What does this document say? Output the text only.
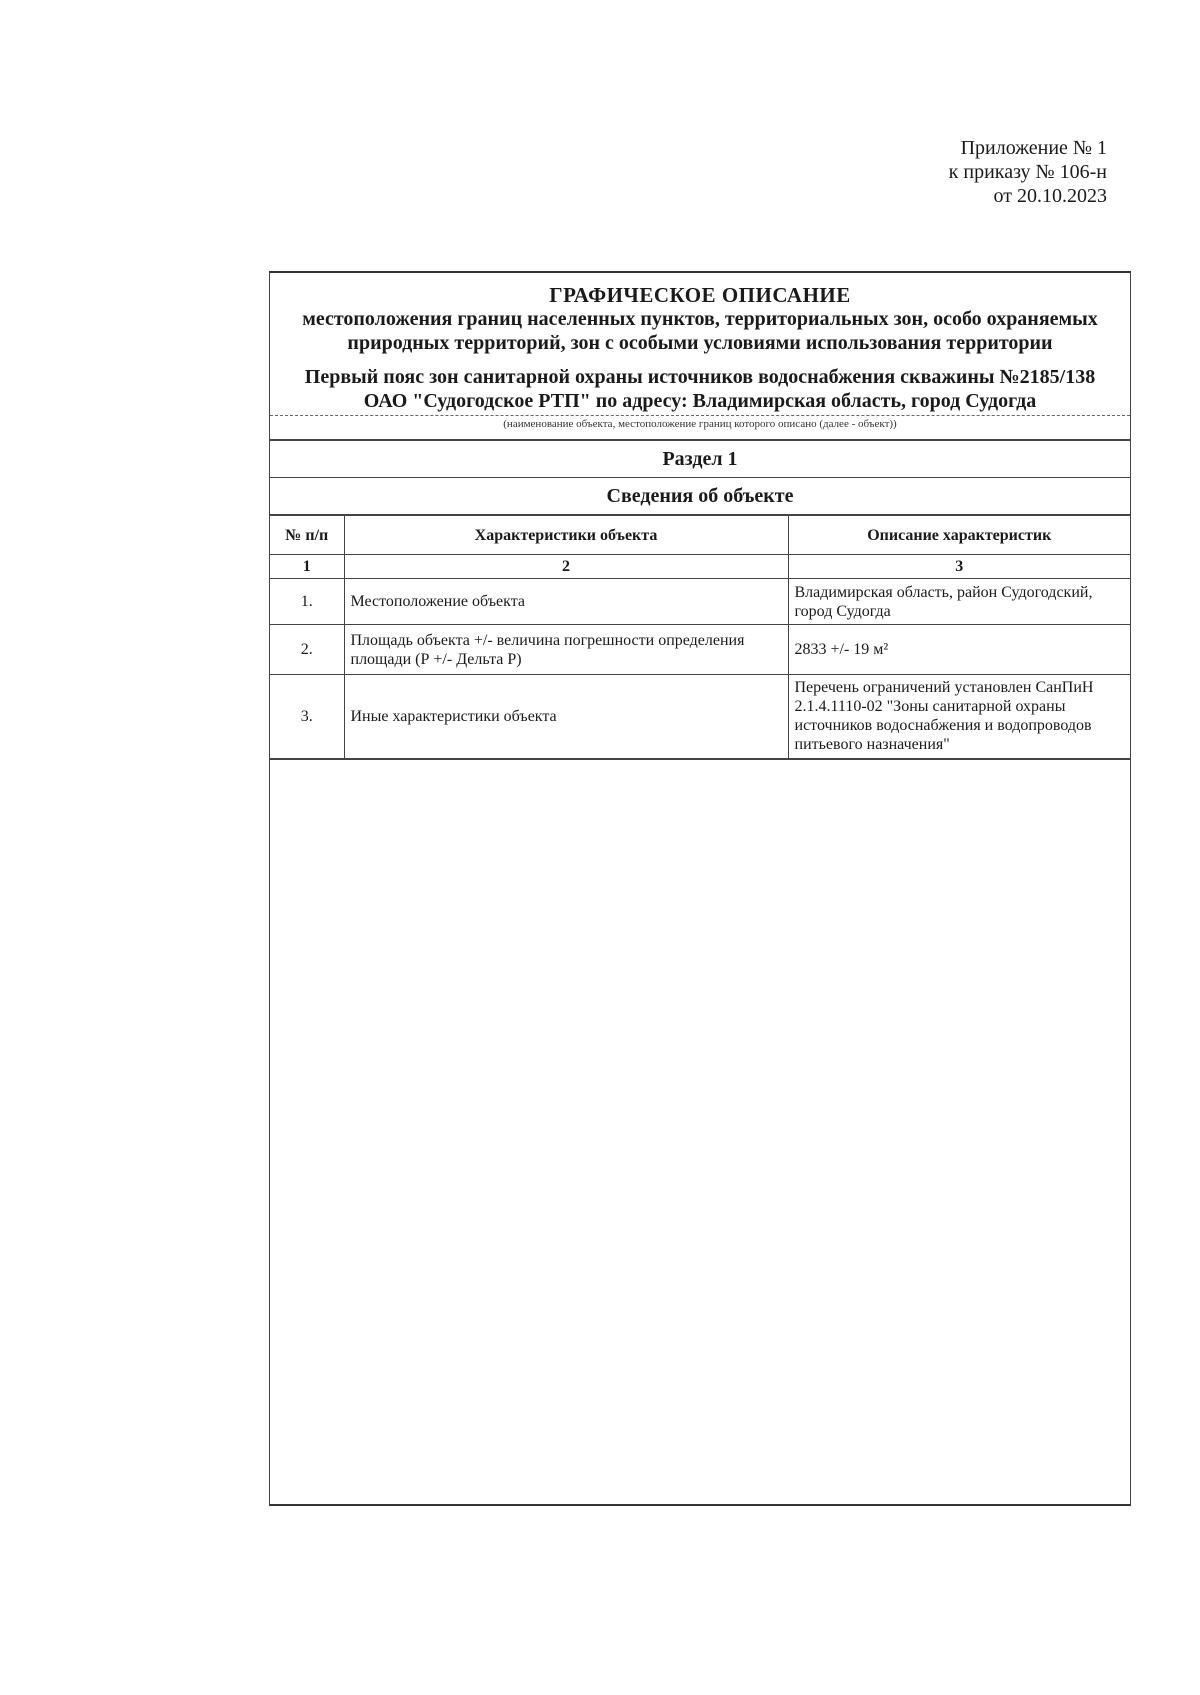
Приложение № 1
к приказу № 106-н
от 20.10.2023
ГРАФИЧЕСКОЕ ОПИСАНИЕ
местоположения границ населенных пунктов, территориальных зон, особо охраняемых природных территорий, зон с особыми условиями использования территории
Первый пояс зон санитарной охраны источников водоснабжения скважины №2185/138 ОАО "Судогодское РТП" по адресу: Владимирская область, город Судогда
(наименование объекта, местоположение границ которого описано (далее - объект))
Раздел 1
Сведения об объекте
№ п/п	Характеристики объекта	Описание характеристик
1	2	3
1.	Местоположение объекта	Владимирская область, район Судогодский, город Судогда
2.	Площадь объекта +/- величина погрешности определения площади (Р +/- Дельта Р)	2833 +/- 19 м²
3.	Иные характеристики объекта	Перечень ограничений установлен СанПиН 2.1.4.1110-02 "Зоны санитарной охраны источников водоснабжения и водопроводов питьевого назначения"
